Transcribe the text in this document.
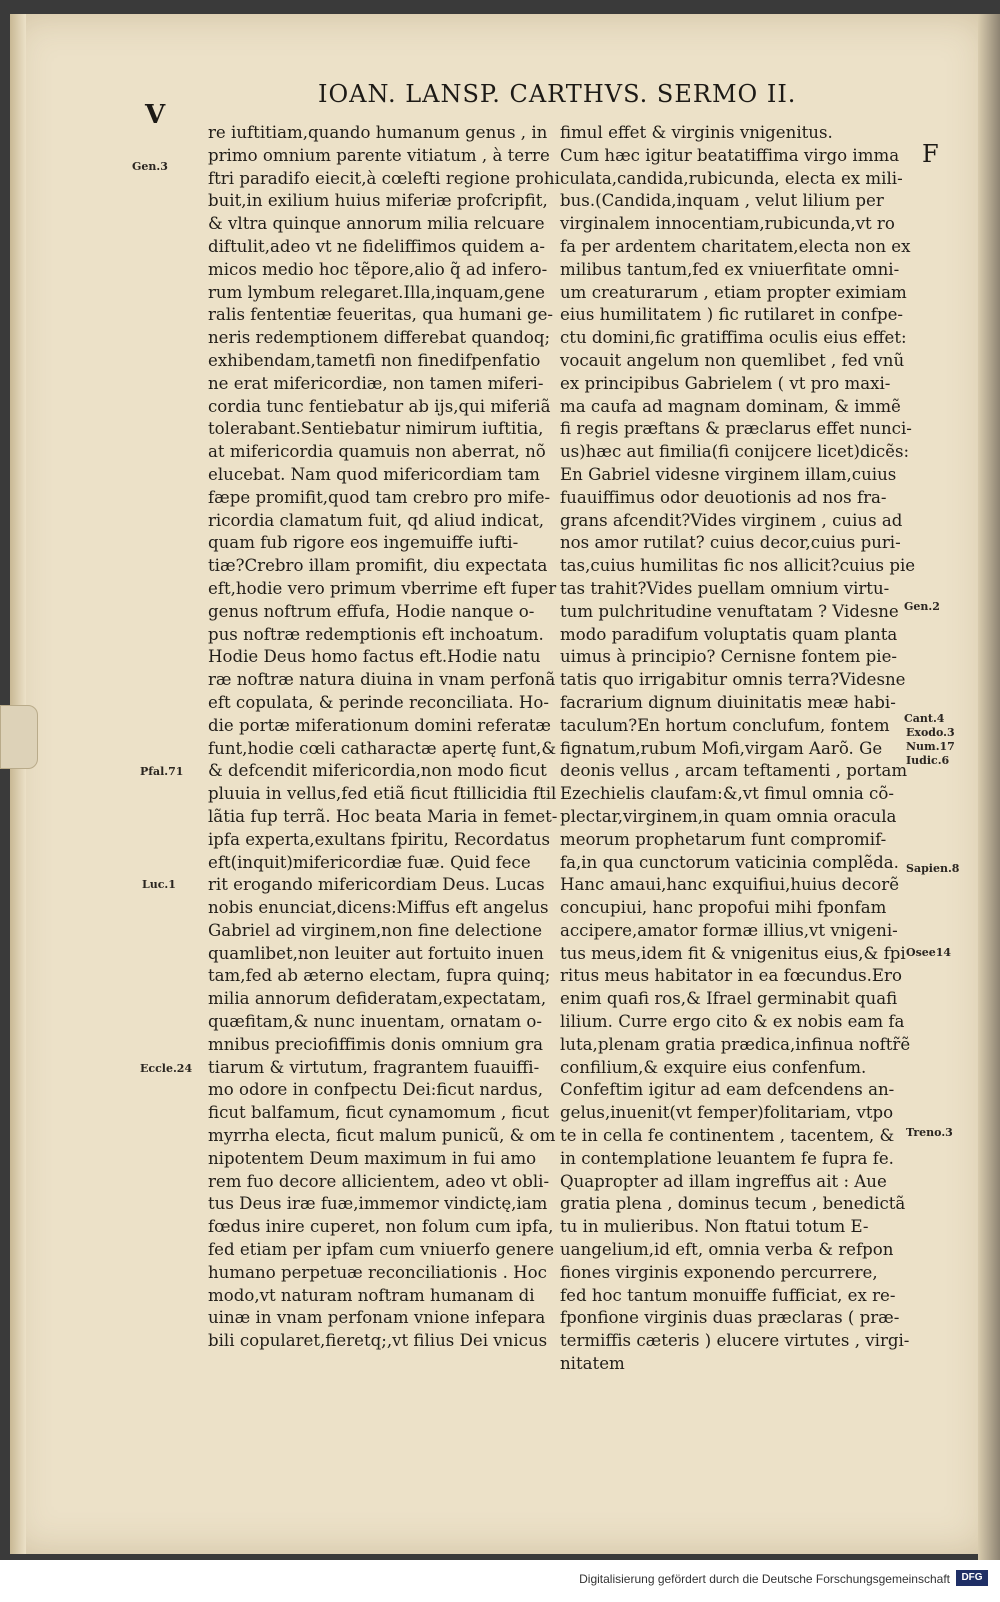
V
F
IOAN. LANSP. CARTHVS. SERMO II.
re iuftitiam,quando humanum genus , in
primo omnium parente vitiatum , à terre
ftri paradifo eiecit,à cœlefti regione prohi
buit,in exilium huius miferiæ profcripfit,
& vltra quinque annorum milia relcuare
diftulit,adeo vt ne fideliffimos quidem a-
micos medio hoc tẽpore,alio q̃ ad infero-
rum lymbum relegaret.Illa,inquam,gene
ralis fententiæ feueritas, qua humani ge-
neris redemptionem differebat quandoq;
exhibendam,tametfi non finedifpenfatio
ne erat mifericordiæ, non tamen miferi-
cordia tunc fentiebatur ab ijs,qui miferiã
tolerabant.Sentiebatur nimirum iuftitia,
at mifericordia quamuis non aberrat, nõ
elucebat. Nam quod mifericordiam tam
fæpe promifit,quod tam crebro pro mife-
ricordia clamatum fuit, qd aliud indicat,
quam fub rigore eos ingemuiffe iufti-
tiæ?Crebro illam promifit, diu expectata
eft,hodie vero primum vberrime eft fuper
genus noftrum effufa, Hodie nanque o-
pus noftræ redemptionis eft inchoatum.
Hodie Deus homo factus eft.Hodie natu
ræ noftræ natura diuina in vnam perfonã
eft copulata, & perinde reconciliata. Ho-
die portæ miferationum domini referatæ
funt,hodie cœli catharactæ apertę funt,&
& defcendit mifericordia,non modo ficut
pluuia in vellus,fed etiã ficut ftillicidia ftil
lãtia fup terrã. Hoc beata Maria in femet-
ipfa experta,exultans fpiritu, Recordatus
eft(inquit)mifericordiæ fuæ. Quid fece
rit erogando mifericordiam Deus. Lucas
nobis enunciat,dicens:Miffus eft angelus
Gabriel ad virginem,non fine delectione
quamlibet,non leuiter aut fortuito inuen
tam,fed ab æterno electam, fupra quinq;
milia annorum defideratam,expectatam,
quæfitam,& nunc inuentam, ornatam o-
mnibus preciofiffimis donis omnium gra
tiarum & virtutum, fragrantem fuauiffi-
mo odore in confpectu Dei:ficut nardus,
ficut balfamum, ficut cynamomum , ficut
myrrha electa, ficut malum punicũ, & om
nipotentem Deum maximum in fui amo
rem fuo decore allicientem, adeo vt obli-
tus Deus iræ fuæ,immemor vindictę,iam
fœdus inire cuperet, non folum cum ipfa,
fed etiam per ipfam cum vniuerfo genere
humano perpetuæ reconciliationis . Hoc
modo,vt naturam noftram humanam di
uinæ in vnam perfonam vnione infepara
bili copularet,fieretq;,vt filius Dei vnicus
fimul effet & virginis vnigenitus.
Cum hæc igitur beatatiffima virgo imma
culata,candida,rubicunda, electa ex mili-
bus.(Candida,inquam , velut lilium per
virginalem innocentiam,rubicunda,vt ro
fa per ardentem charitatem,electa non ex
milibus tantum,fed ex vniuerfitate omni-
um creaturarum , etiam propter eximiam
eius humilitatem ) fic rutilaret in confpe-
ctu domini,fic gratiffima oculis eius effet:
vocauit angelum non quemlibet , fed vnũ
ex principibus Gabrielem ( vt pro maxi-
ma caufa ad magnam dominam, & immẽ
fi regis præftans & præclarus effet nunci-
us)hæc aut fimilia(fi conijcere licet)dicẽs:
En Gabriel videsne virginem illam,cuius
fuauiffimus odor deuotionis ad nos fra-
grans afcendit?Vides virginem , cuius ad
nos amor rutilat? cuius decor,cuius puri-
tas,cuius humilitas fic nos allicit?cuius pie
tas trahit?Vides puellam omnium virtu-
tum pulchritudine venuftatam ? Videsne
modo paradifum voluptatis quam planta
uimus à principio? Cernisne fontem pie-
tatis quo irrigabitur omnis terra?Videsne
facrarium dignum diuinitatis meæ habi-
taculum?En hortum conclufum, fontem
fignatum,rubum Mofi,virgam Aarõ. Ge
deonis vellus , arcam teftamenti , portam
Ezechielis claufam:&,vt fimul omnia cõ-
plectar,virginem,in quam omnia oracula
meorum prophetarum funt compromif-
fa,in qua cunctorum vaticinia complẽda.
Hanc amaui,hanc exquifiui,huius decorẽ
concupiui, hanc propofui mihi fponfam
accipere,amator formæ illius,vt vnigeni-
tus meus,idem fit & vnigenitus eius,& fpi
ritus meus habitator in ea fœcundus.Ero
enim quafi ros,& Ifrael germinabit quafi
lilium. Curre ergo cito & ex nobis eam fa
luta,plenam gratia prædica,infinua noftr̃ẽ
confilium,& exquire eius confenfum.
Confeftim igitur ad eam defcendens an-
gelus,inuenit(vt femper)folitariam, vtpo
te in cella fe continentem , tacentem, &
in contemplatione leuantem fe fupra fe.
Quapropter ad illam ingreffus ait : Aue
gratia plena , dominus tecum , benedictã
tu in mulieribus. Non ftatui totum E-
uangelium,id eft, omnia verba & refpon
fiones virginis exponendo percurrere,
fed hoc tantum monuiffe fufficiat, ex re-
fponfione virginis duas præclaras ( præ-
termiffis cæteris ) elucere virtutes , virgi-
nitatem
Gen.3
Pfal.71
Luc.1
Eccle.24
Gen.2
Cant.4
Exodo.3
Num.17
Iudic.6
Sapien.8
Osee14
Treno.3
Digitalisierung gefördert durch die Deutsche Forschungsgemeinschaft	DFG
